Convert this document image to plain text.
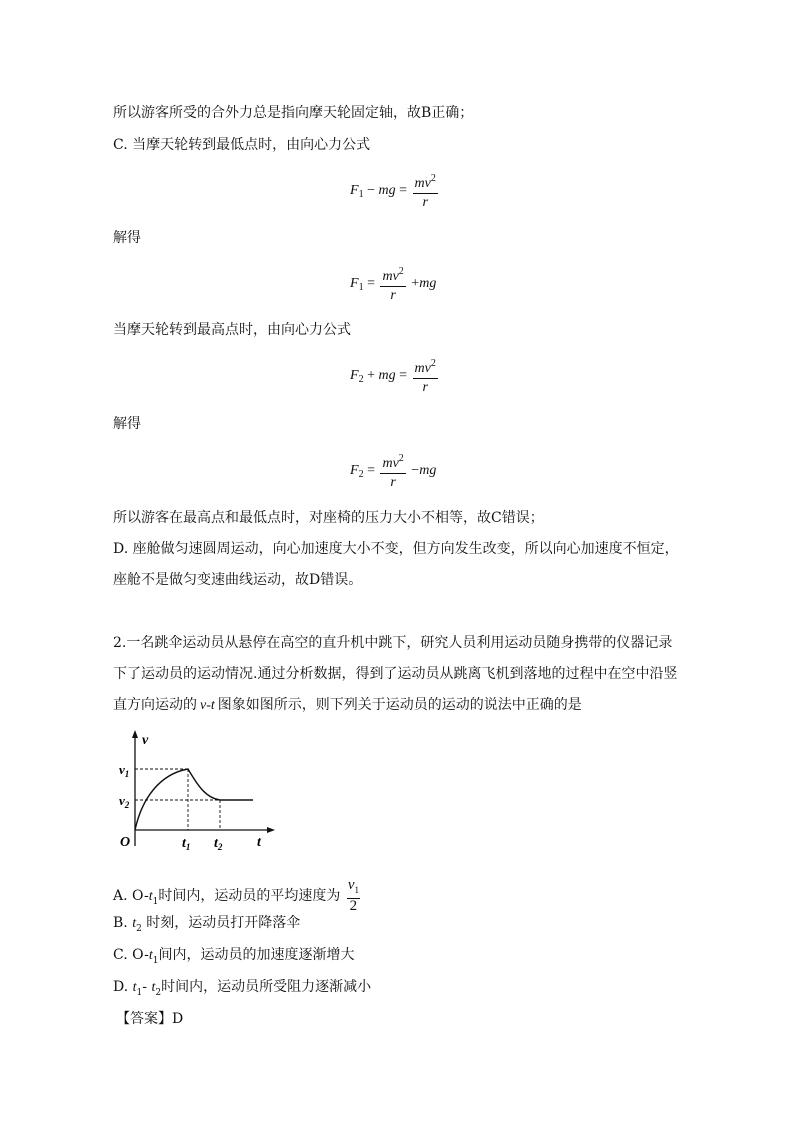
所以游客所受的合外力总是指向摩天轮固定轴，故B正确；
C. 当摩天轮转到最低点时，由向心力公式
$F_1$ − mg = $\frac{mv^2}{r}$
解得
$F_1 = \frac{mv^2}{r} +mg$
当摩天轮转到最高点时，由向心力公式
$F_2$ + mg = $\frac{mv^2}{r}$
解得
$F_2 = \frac{mv^2}{r} -mg$
所以游客在最高点和最低点时，对座椅的压力大小不相等，故C错误；
D. 座舱做匀速圆周运动，向心加速度大小不变，但方向发生改变，所以向心加速度不恒定，
座舱不是做匀变速曲线运动，故D错误。
2.一名跳伞运动员从悬停在高空的直升机中跳下，研究人员利用运动员随身携带的仪器记录
下了运动员的运动情况.通过分析数据，得到了运动员从跳离飞机到落地的过程中在空中沿竖
直方向运动的 v-t 图象如图所示，则下列关于运动员的运动的说法中正确的是
v
$v_1$
$v_2$
O	$t_1$ $t_2$ t
A. $O-t_1$时间内，运动员的平均速度为 $\frac{v_1}{2}$
B. $t_2$ 时刻，运动员打开降落伞
C. $O-t_1$间内，运动员的加速度逐渐增大
D. $t_1-$ $t_2$时间内，运动员所受阻力逐渐减小
【答案】D
